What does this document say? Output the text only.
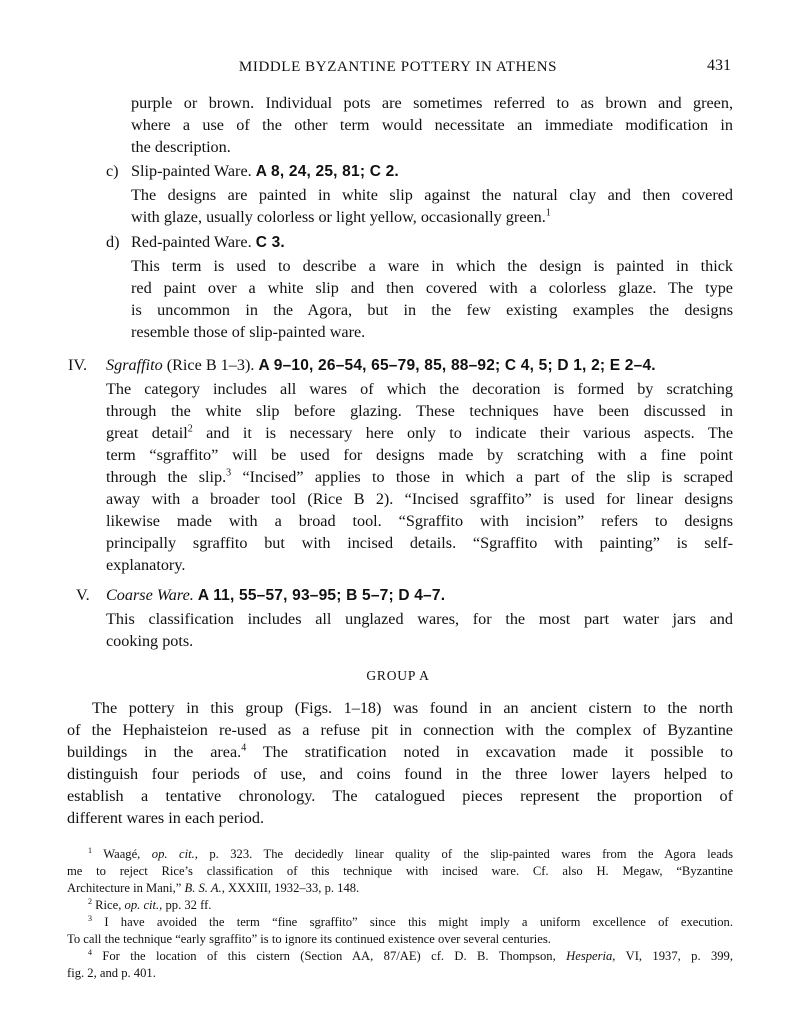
MIDDLE BYZANTINE POTTERY IN ATHENS	431
purple or brown. Individual pots are sometimes referred to as brown and green,
where a use of the other term would necessitate an immediate modification in
the description.
c) Slip-painted Ware. A 8, 24, 25, 81; C 2.
The designs are painted in white slip against the natural clay and then covered
with glaze, usually colorless or light yellow, occasionally green.$^1$
d) Red-painted Ware. C 3.
This term is used to describe a ware in which the design is painted in thick
red paint over a white slip and then covered with a colorless glaze. The type
is uncommon in the Agora, but in the few existing examples the designs
resemble those of slip-painted ware.
IV. Sgraffito (Rice B 1–3). A 9–10, 26–54, 65–79, 85, 88–92; C 4, 5; D 1, 2; E 2–4.
The category includes all wares of which the decoration is formed by scratching
through the white slip before glazing. These techniques have been discussed in
great detail$^2$ and it is necessary here only to indicate their various aspects. The
term “sgraffito” will be used for designs made by scratching with a fine point
through the slip.$^3$ “Incised” applies to those in which a part of the slip is scraped
away with a broader tool (Rice B 2). “Incised sgraffito” is used for linear designs
likewise made with a broad tool. “Sgraffito with incision” refers to designs
principally sgraffito but with incised details. “Sgraffito with painting” is self-
explanatory.
V. Coarse Ware. A 11, 55–57, 93–95; B 5–7; D 4–7.
This classification includes all unglazed wares, for the most part water jars and
cooking pots.
GROUP A
The pottery in this group (Figs. 1–18) was found in an ancient cistern to the north
of the Hephaisteion re-used as a refuse pit in connection with the complex of Byzantine
buildings in the area.$^4$ The stratification noted in excavation made it possible to
distinguish four periods of use, and coins found in the three lower layers helped to
establish a tentative chronology. The catalogued pieces represent the proportion of
different wares in each period.
$^1$ Waagé, op. cit., p. 323. The decidedly linear quality of the slip-painted wares from the Agora leads
me to reject Rice’s classification of this technique with incised ware. Cf. also H. Megaw, “Byzantine
Architecture in Mani,” B. S. A., XXXIII, 1932–33, p. 148.
$^2$ Rice, op. cit., pp. 32 ff.
$^3$ I have avoided the term “fine sgraffito” since this might imply a uniform excellence of execution.
To call the technique “early sgraffito” is to ignore its continued existence over several centuries.
$^4$ For the location of this cistern (Section AA, 87/AE) cf. D. B. Thompson, Hesperia, VI, 1937, p. 399,
fig. 2, and p. 401.
